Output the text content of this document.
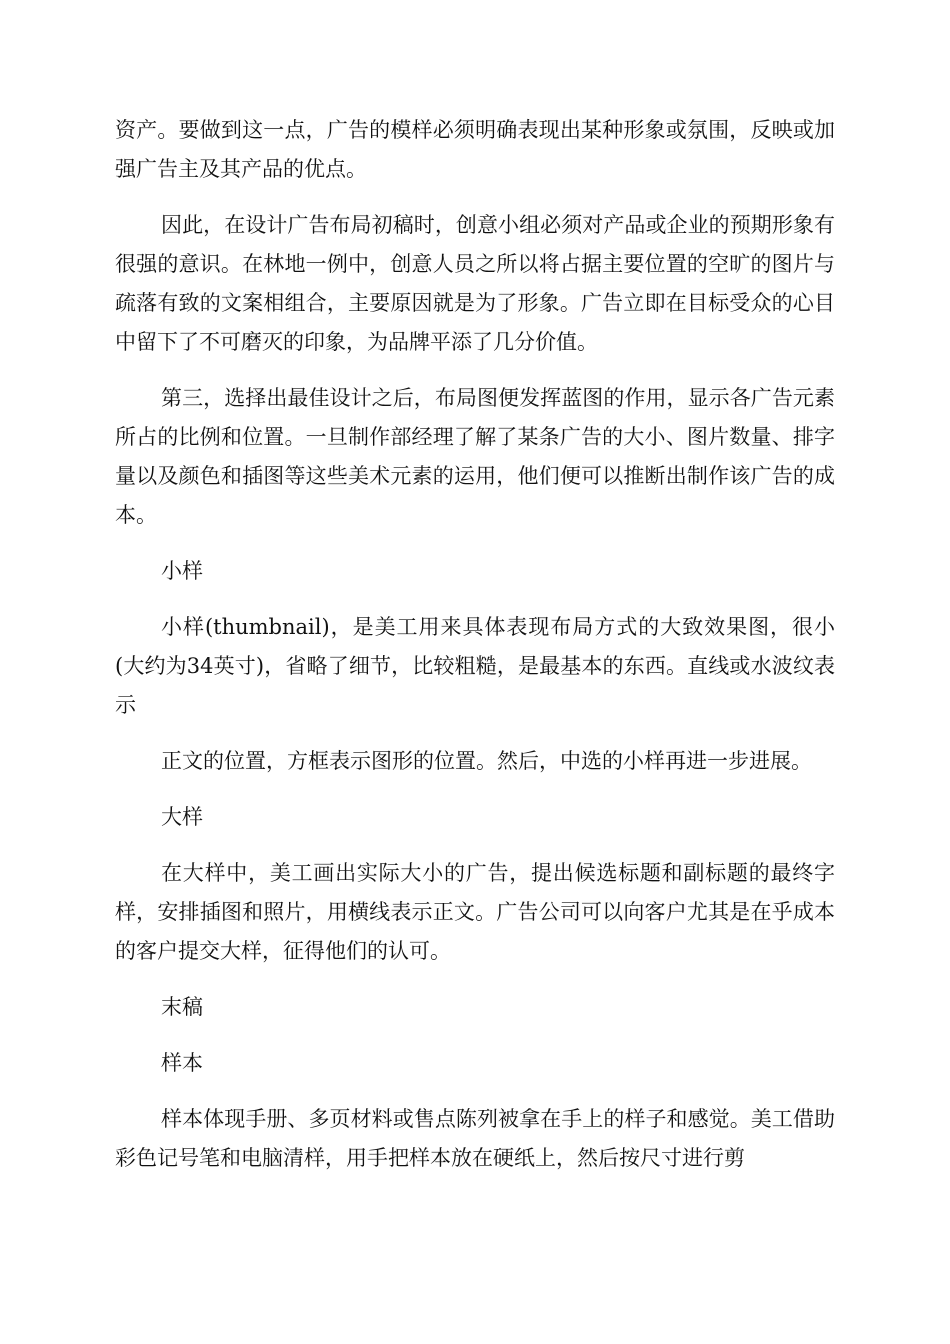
资产。要做到这一点，广告的模样必须明确表现出某种形象或氛围，反映或加强广告主及其产品的优点。

因此，在设计广告布局初稿时，创意小组必须对产品或企业的预期形象有很强的意识。在林地一例中，创意人员之所以将占据主要位置的空旷的图片与疏落有致的文案相组合，主要原因就是为了形象。广告立即在目标受众的心目中留下了不可磨灭的印象，为品牌平添了几分价值。

第三，选择出最佳设计之后，布局图便发挥蓝图的作用，显示各广告元素所占的比例和位置。一旦制作部经理了解了某条广告的大小、图片数量、排字量以及颜色和插图等这些美术元素的运用，他们便可以推断出制作该广告的成本。

小样

小样(thumbnail)，是美工用来具体表现布局方式的大致效果图，很小(大约为34英寸)，省略了细节，比较粗糙，是最基本的东西。直线或水波纹表示

正文的位置，方框表示图形的位置。然后，中选的小样再进一步进展。

大样

在大样中，美工画出实际大小的广告，提出候选标题和副标题的最终字样，安排插图和照片，用横线表示正文。广告公司可以向客户尤其是在乎成本的客户提交大样，征得他们的认可。

末稿
样本

样本体现手册、多页材料或售点陈列被拿在手上的样子和感觉。美工借助彩色记号笔和电脑清样，用手把样本放在硬纸上，然后按尺寸进行剪
